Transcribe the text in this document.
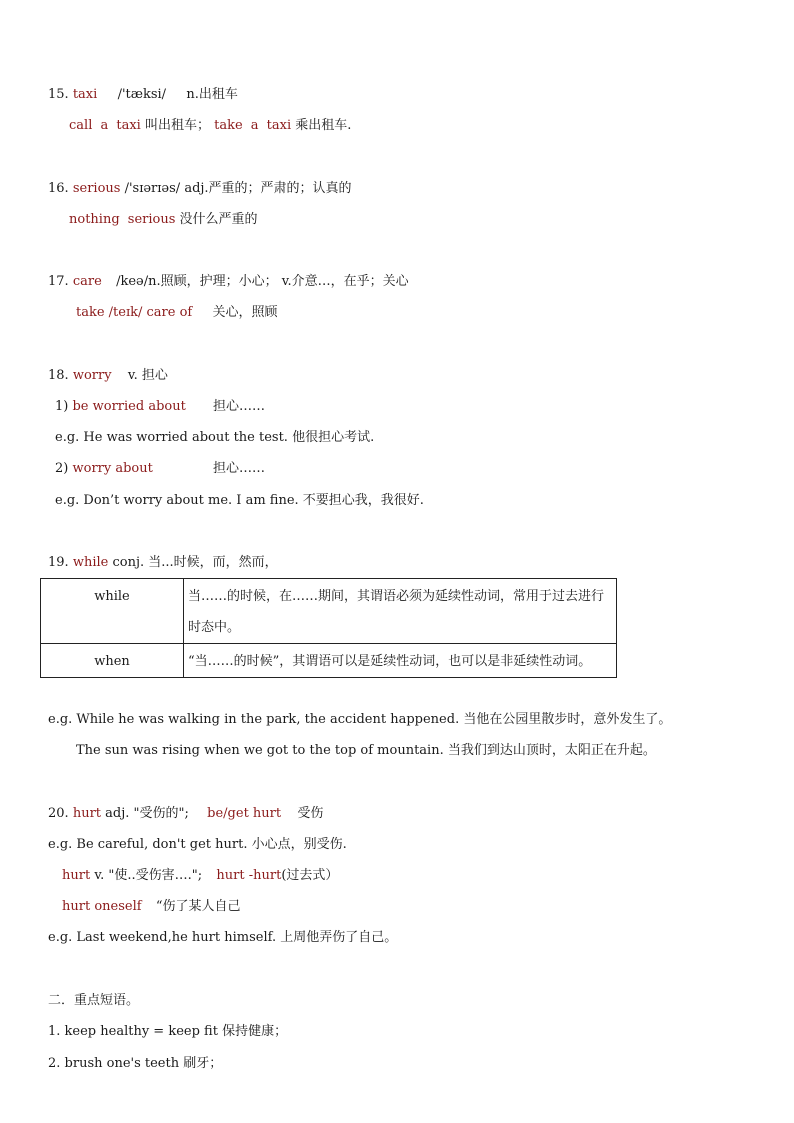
15. taxi /'tæksi/ n.出租车
call a taxi 叫出租车； take a taxi 乘出租车.
16. serious /'sɪərɪəs/ adj.严重的；严肃的；认真的
nothing serious 没什么严重的
17. care /keə/n.照顾，护理；小心； v.介意…，在乎；关心
take /teɪk/ care of 关心，照顾
18. worry v. 担心
1) be worried about 担心……
e.g. He was worried about the test. 他很担心考试.
2) worry about	担心……
e.g. Don’t worry about me. I am fine. 不要担心我，我很好.
19. while conj. 当...时候，而，然而，
while	当……的时候，在……期间，其谓语必须为延续性动词，常用于过去进行时态中。
when	“当……的时候”，其谓语可以是延续性动词，也可以是非延续性动词。
e.g. While he was walking in the park, the accident happened. 当他在公园里散步时，意外发生了。
The sun was rising when we got to the top of mountain. 当我们到达山顶时，太阳正在升起。
20. hurt adj. "受伤的"; be/get hurt 受伤
e.g. Be careful, don't get hurt. 小心点，别受伤.
hurt v. "使..受伤害…."; hurt -hurt(过去式）
hurt oneself “伤了某人自己
e.g. Last weekend,he hurt himself. 上周他弄伤了自己。
二．重点短语。
1. keep healthy = keep fit 保持健康；
2. brush one's teeth 刷牙；
